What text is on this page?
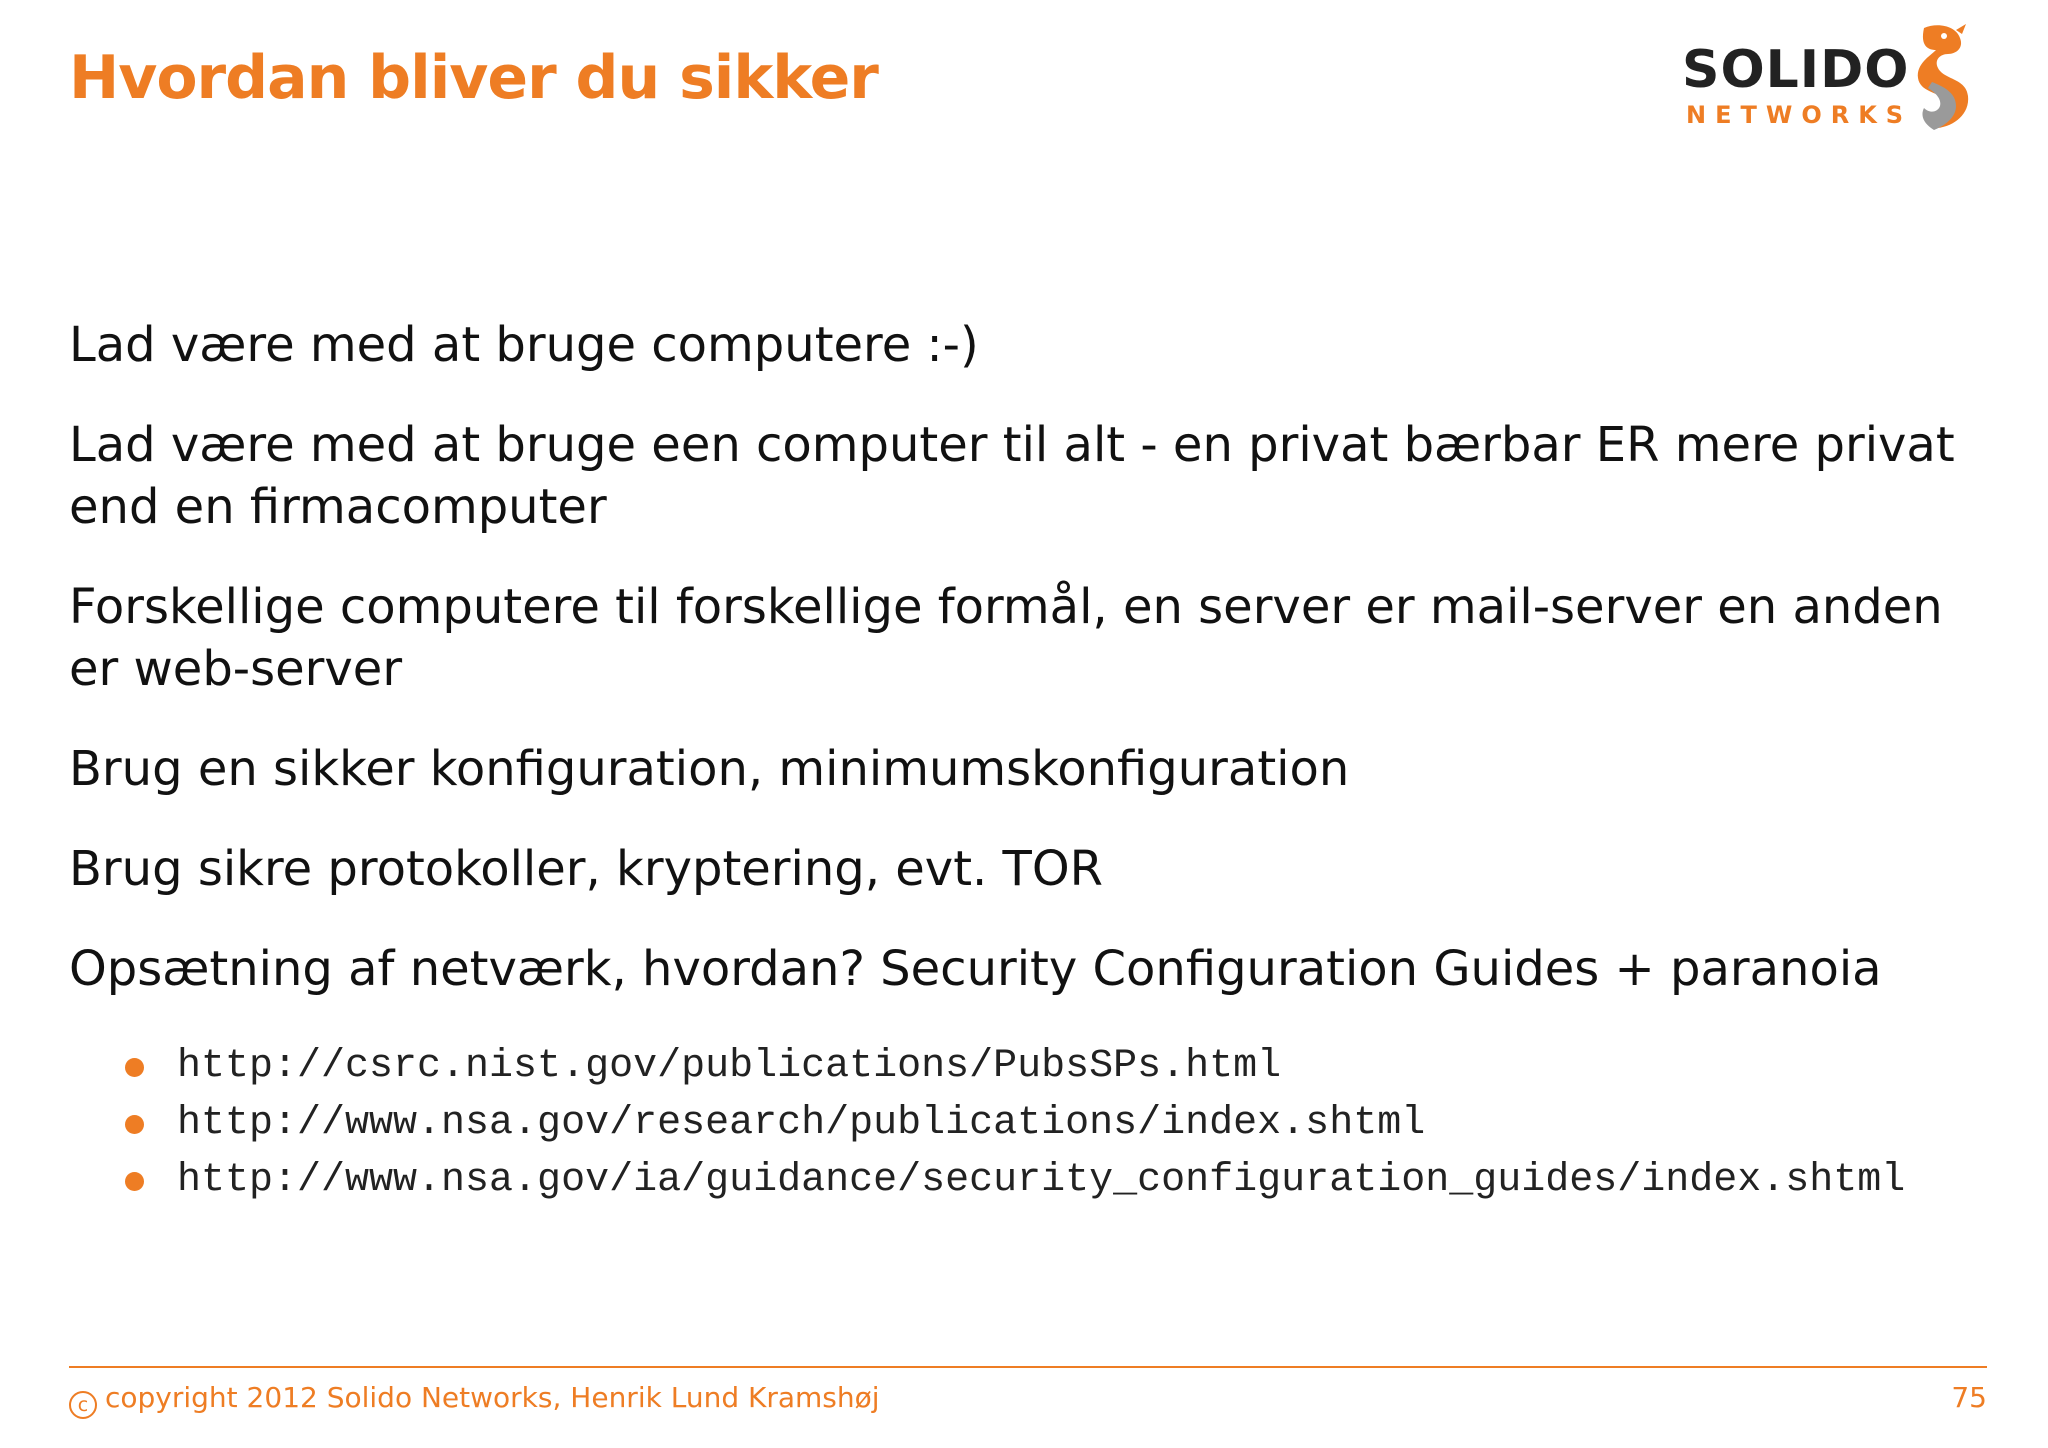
Hvordan bliver du sikker	SOLIDO
NETWORKS

Lad være med at bruge computere :-)

Lad være med at bruge een computer til alt - en privat bærbar ER mere privat end en firmacomputer

Forskellige computere til forskellige formål, en server er mail-server en anden er web-server

Brug en sikker konfiguration, minimumskonfiguration

Brug sikre protokoller, kryptering, evt. TOR

Opsætning af netværk, hvordan? Security Configuration Guides + paranoia

http://csrc.nist.gov/publications/PubsSPs.html
http://www.nsa.gov/research/publications/index.shtml
http://www.nsa.gov/ia/guidance/security_configuration_guides/index.shtml
c copyright 2012 Solido Networks, Henrik Lund Kramshøj	75
